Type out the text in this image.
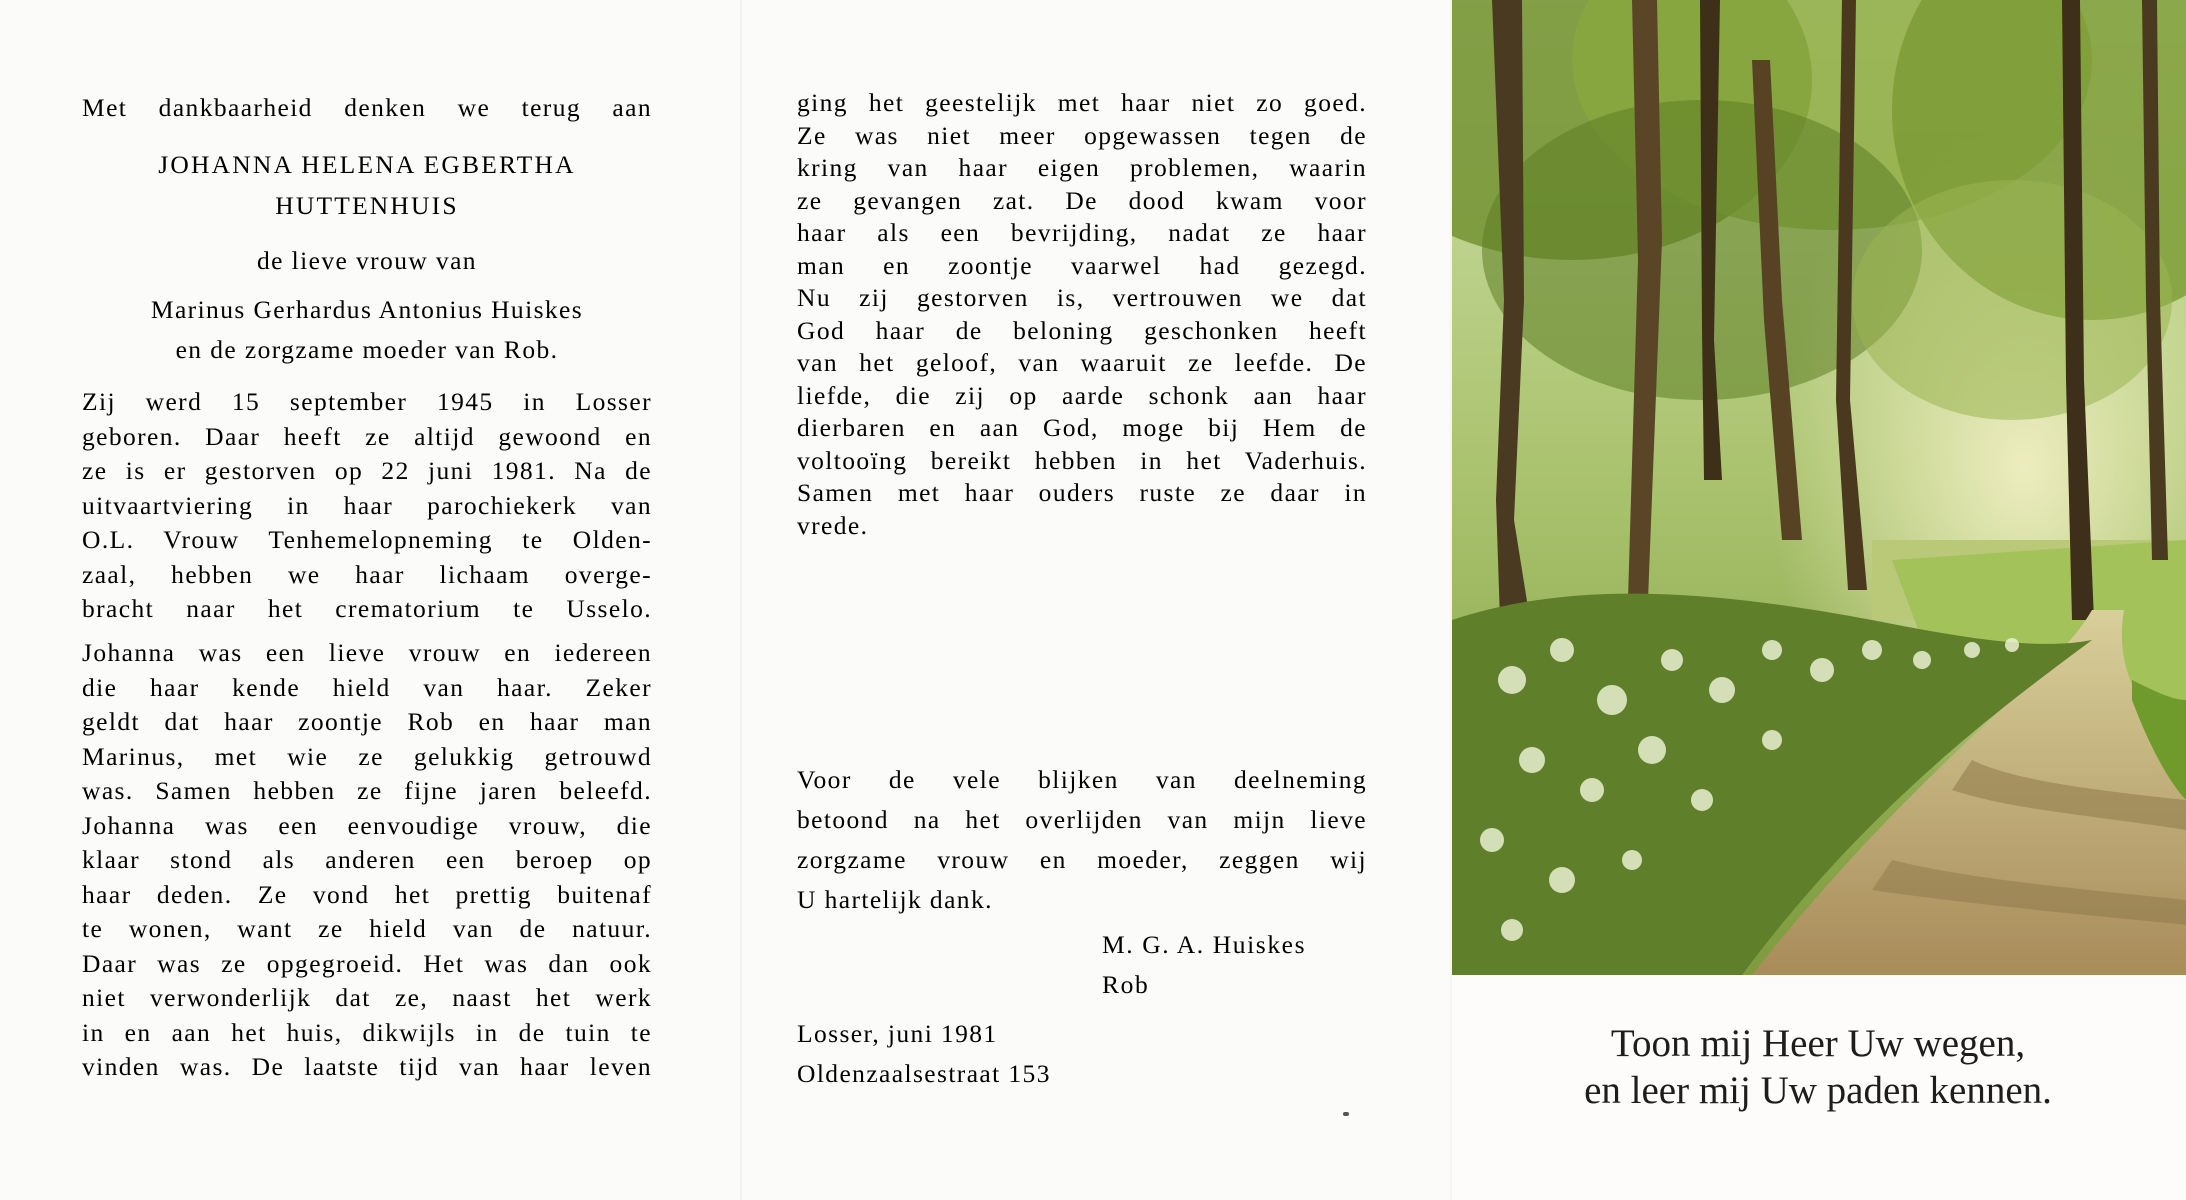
Met dankbaarheid denken we terug aan
JOHANNA HELENA EGBERTHA
HUTTENHUIS
de lieve vrouw van
Marinus Gerhardus Antonius Huiskes
en de zorgzame moeder van Rob.
Zij werd 15 september 1945 in Losser
geboren. Daar heeft ze altijd gewoond en
ze is er gestorven op 22 juni 1981. Na de
uitvaartviering in haar parochiekerk van
O.L. Vrouw Tenhemelopneming te Olden-
zaal, hebben we haar lichaam overge-
bracht naar het crematorium te Usselo.
Johanna was een lieve vrouw en iedereen
die haar kende hield van haar. Zeker
geldt dat haar zoontje Rob en haar man
Marinus, met wie ze gelukkig getrouwd
was. Samen hebben ze fijne jaren beleefd.
Johanna was een eenvoudige vrouw, die
klaar stond als anderen een beroep op
haar deden. Ze vond het prettig buitenaf
te wonen, want ze hield van de natuur.
Daar was ze opgegroeid. Het was dan ook
niet verwonderlijk dat ze, naast het werk
in en aan het huis, dikwijls in de tuin te
vinden was. De laatste tijd van haar leven
ging het geestelijk met haar niet zo goed.
Ze was niet meer opgewassen tegen de
kring van haar eigen problemen, waarin
ze gevangen zat. De dood kwam voor
haar als een bevrijding, nadat ze haar
man en zoontje vaarwel had gezegd.
Nu zij gestorven is, vertrouwen we dat
God haar de beloning geschonken heeft
van het geloof, van waaruit ze leefde. De
liefde, die zij op aarde schonk aan haar
dierbaren en aan God, moge bij Hem de
voltooïng bereikt hebben in het Vaderhuis.
Samen met haar ouders ruste ze daar in
vrede.
Voor de vele blijken van deelneming
betoond na het overlijden van mijn lieve
zorgzame vrouw en moeder, zeggen wij
U hartelijk dank.
M. G. A. Huiskes
Rob
Losser, juni 1981
Oldenzaalsestraat 153
Toon mij Heer Uw wegen,
en leer mij Uw paden kennen.
